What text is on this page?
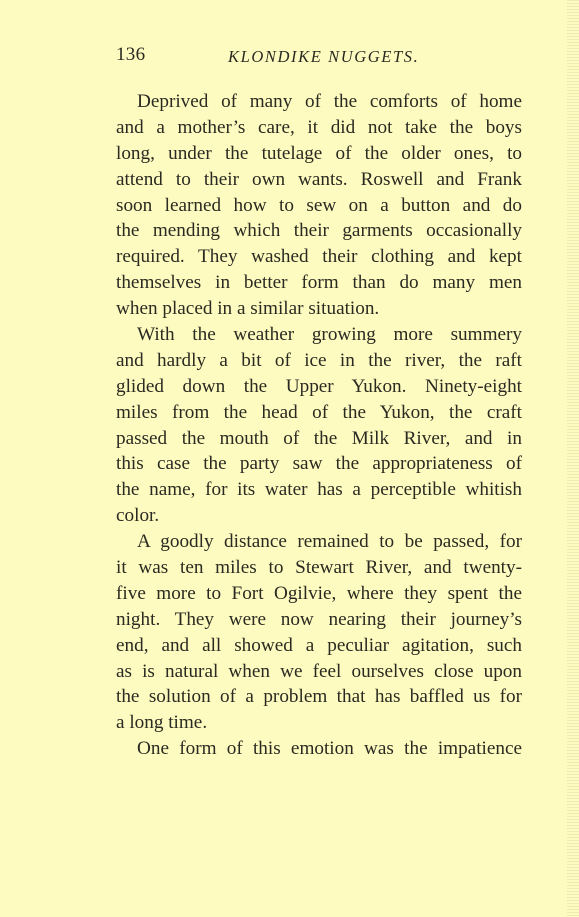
136	KLONDIKE NUGGETS.
Deprived of many of the comforts of home
and a mother’s care, it did not take the boys
long, under the tutelage of the older ones, to
attend to their own wants. Roswell and Frank
soon learned how to sew on a button and do
the mending which their garments occasionally
required. They washed their clothing and kept
themselves in better form than do many men
when placed in a similar situation.
With the weather growing more summery
and hardly a bit of ice in the river, the raft
glided down the Upper Yukon. Ninety-eight
miles from the head of the Yukon, the craft
passed the mouth of the Milk River, and in
this case the party saw the appropriateness of
the name, for its water has a perceptible whitish
color.
A goodly distance remained to be passed, for
it was ten miles to Stewart River, and twenty-
five more to Fort Ogilvie, where they spent the
night. They were now nearing their journey’s
end, and all showed a peculiar agitation, such
as is natural when we feel ourselves close upon
the solution of a problem that has baffled us for
a long time.
One form of this emotion was the impatience
